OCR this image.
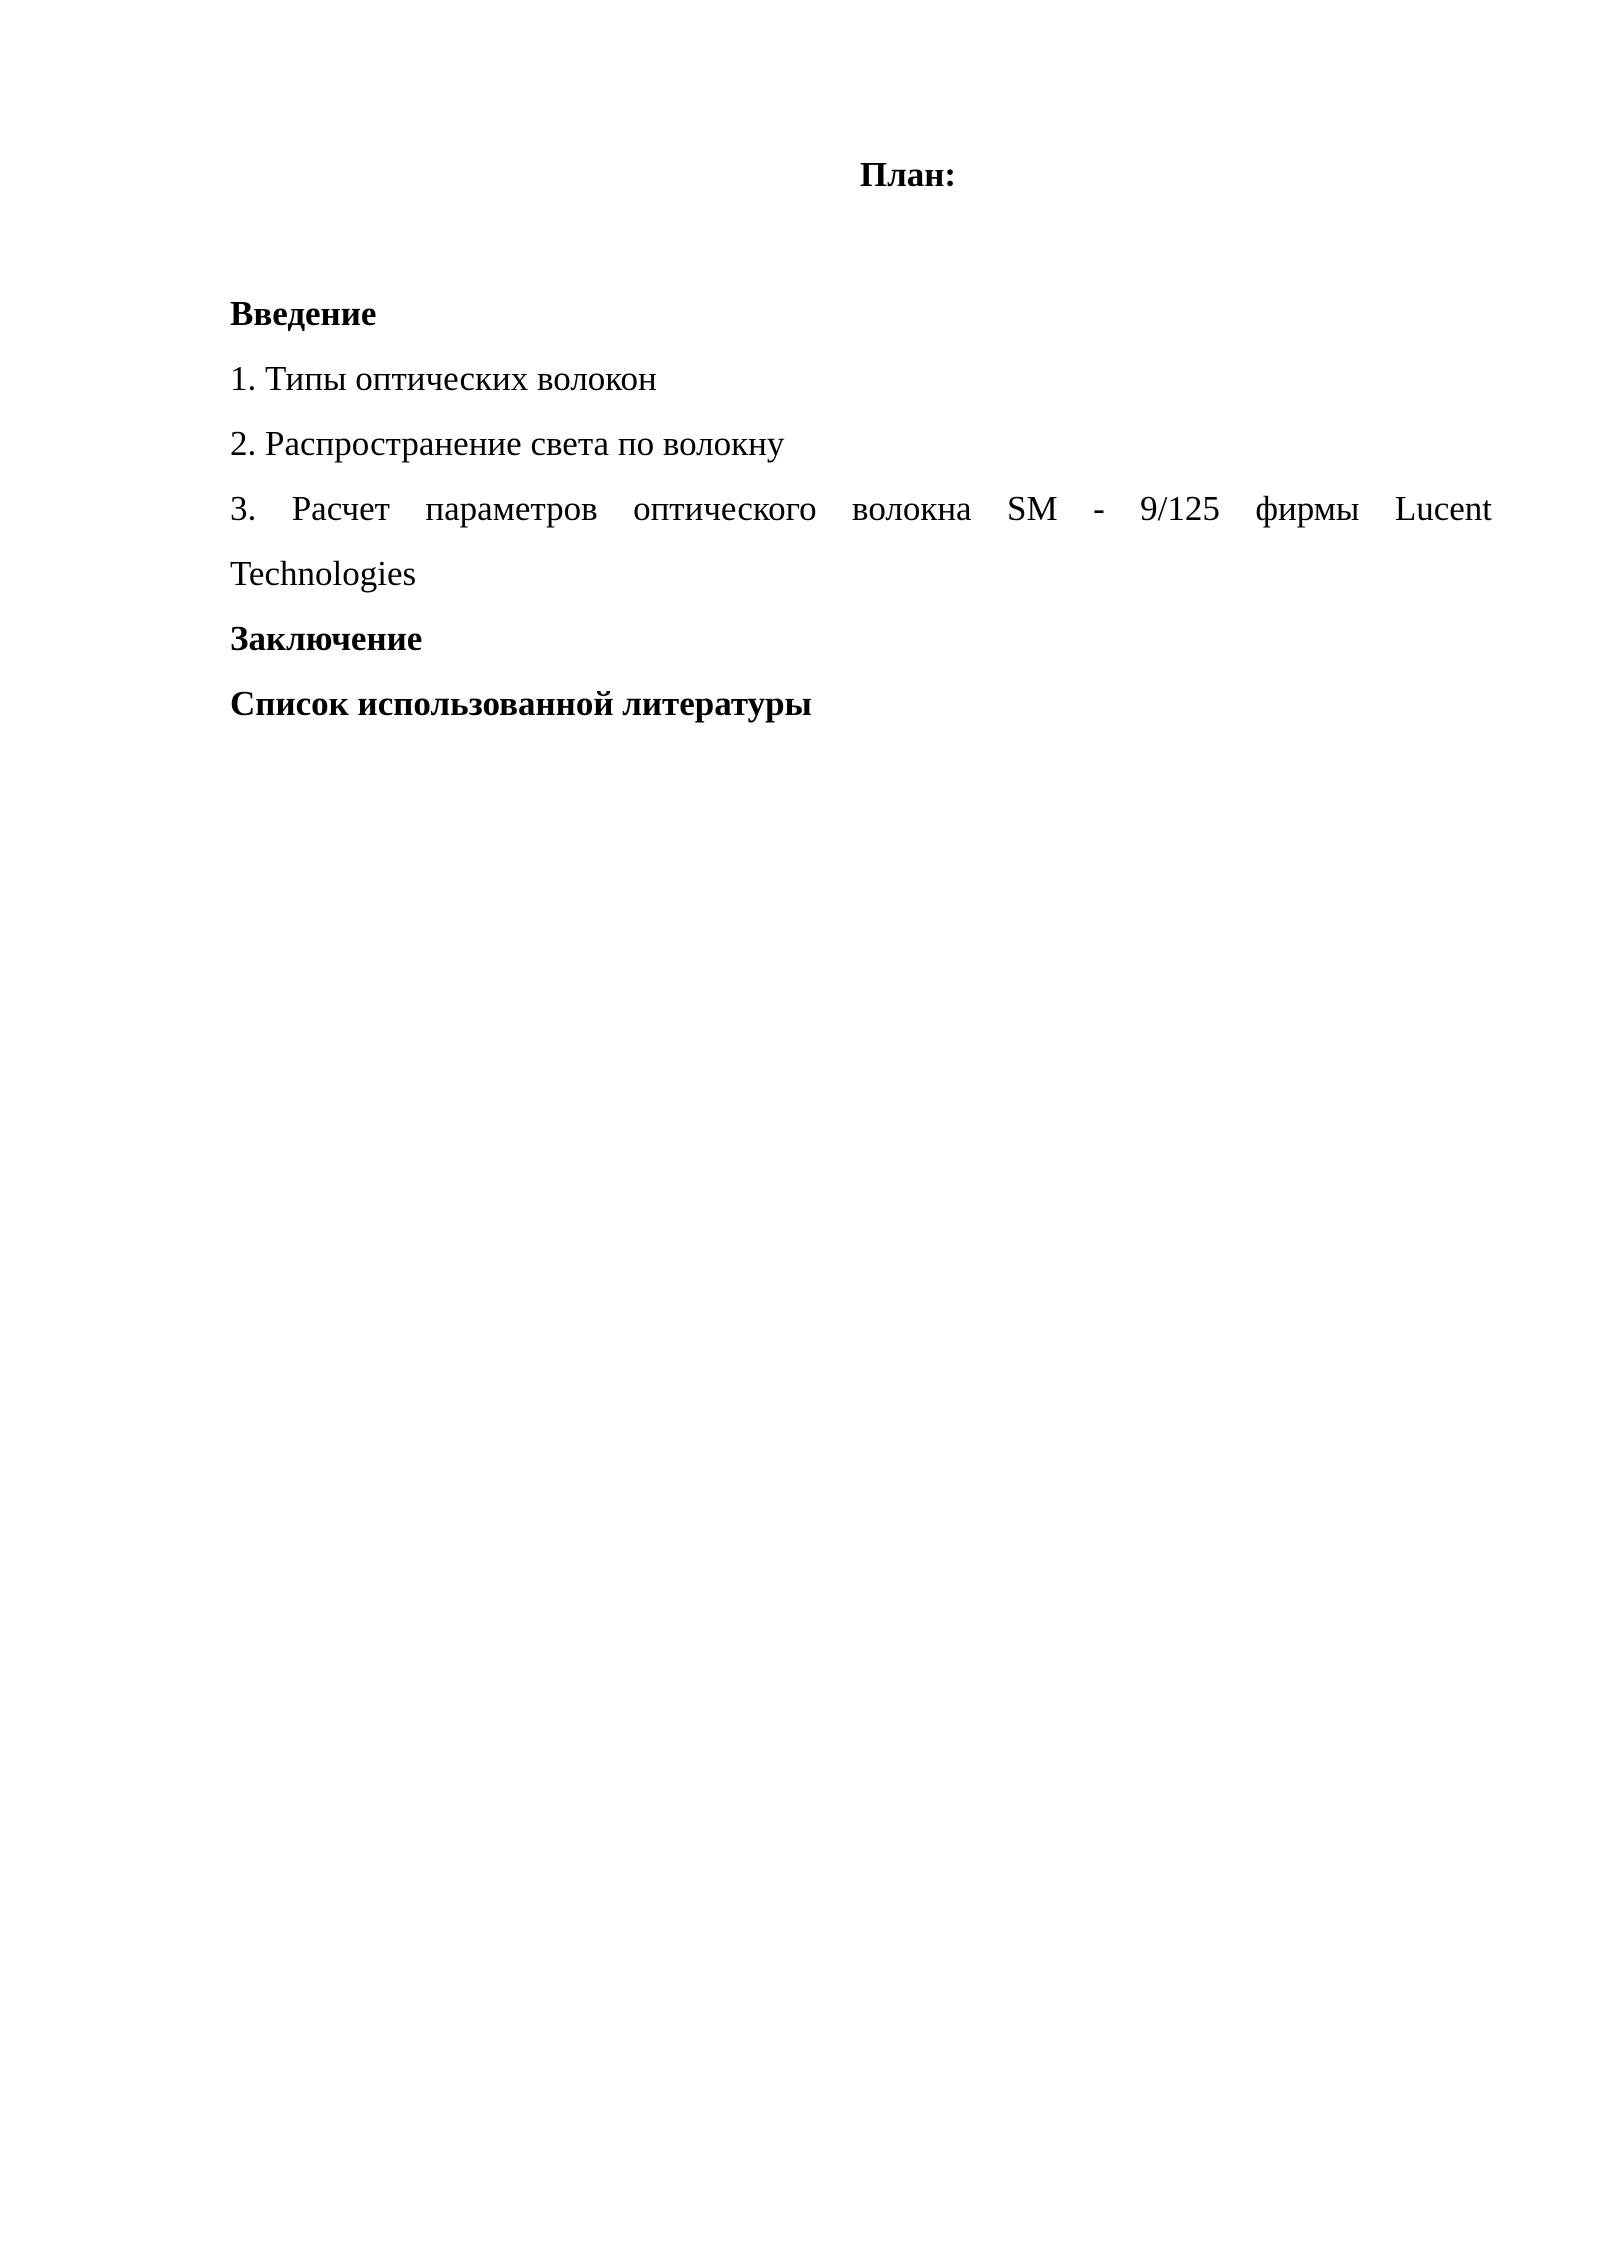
План:
Введение
1. Типы оптических волокон
2. Распространение света по волокну
3. Расчет параметров оптического волокна SM - 9/125 фирмы Lucent
Technologies
Заключение
Список использованной литературы
